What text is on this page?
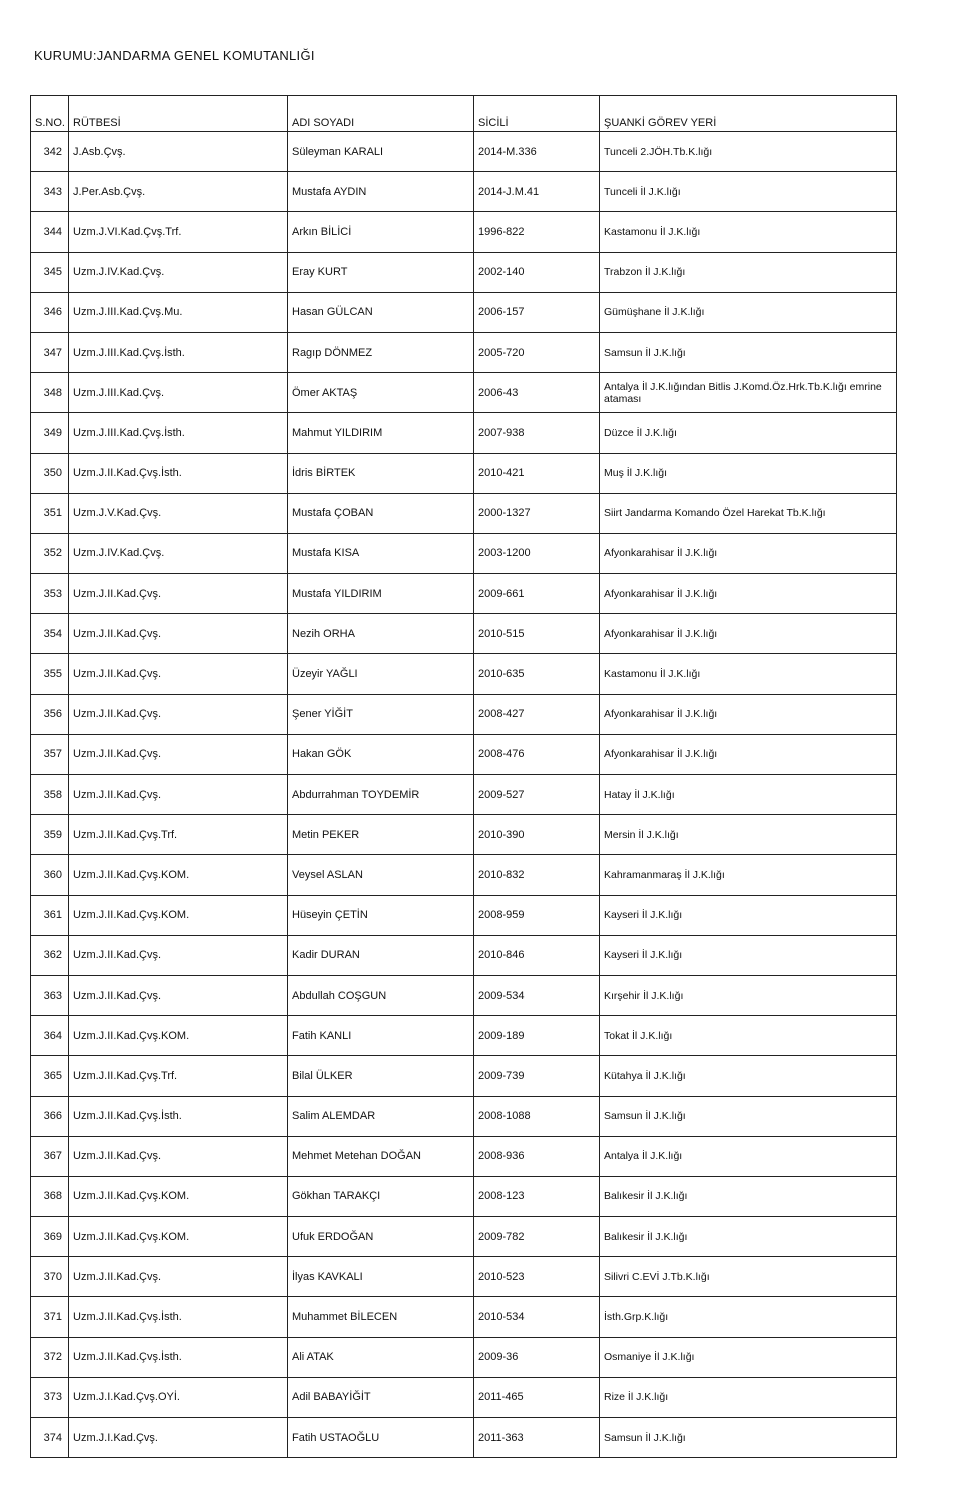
KURUMU:JANDARMA GENEL KOMUTANLIĞI
S.NO.	RÜTBESİ	ADI SOYADI	SİCİLİ	ŞUANKİ GÖREV YERİ
342	J.Asb.Çvş.	Süleyman KARALI	2014-M.336	Tunceli 2.JÖH.Tb.K.lığı
343	J.Per.Asb.Çvş.	Mustafa AYDIN	2014-J.M.41	Tunceli İl J.K.lığı
344	Uzm.J.VI.Kad.Çvş.Trf.	Arkın BİLİCİ	1996-822	Kastamonu İl J.K.lığı
345	Uzm.J.IV.Kad.Çvş.	Eray KURT	2002-140	Trabzon İl J.K.lığı
346	Uzm.J.III.Kad.Çvş.Mu.	Hasan GÜLCAN	2006-157	Gümüşhane İl J.K.lığı
347	Uzm.J.III.Kad.Çvş.İsth.	Ragıp DÖNMEZ	2005-720	Samsun İl J.K.lığı
348	Uzm.J.III.Kad.Çvş.	Ömer AKTAŞ	2006-43	Antalya İl J.K.lığından Bitlis J.Komd.Öz.Hrk.Tb.K.lığı emrine ataması
349	Uzm.J.III.Kad.Çvş.İsth.	Mahmut YILDIRIM	2007-938	Düzce İl J.K.lığı
350	Uzm.J.II.Kad.Çvş.İsth.	İdris BİRTEK	2010-421	Muş İl J.K.lığı
351	Uzm.J.V.Kad.Çvş.	Mustafa ÇOBAN	2000-1327	Siirt Jandarma Komando Özel Harekat Tb.K.lığı
352	Uzm.J.IV.Kad.Çvş.	Mustafa KISA	2003-1200	Afyonkarahisar İl J.K.lığı
353	Uzm.J.II.Kad.Çvş.	Mustafa YILDIRIM	2009-661	Afyonkarahisar İl J.K.lığı
354	Uzm.J.II.Kad.Çvş.	Nezih ORHA	2010-515	Afyonkarahisar İl J.K.lığı
355	Uzm.J.II.Kad.Çvş.	Üzeyir YAĞLI	2010-635	Kastamonu İl J.K.lığı
356	Uzm.J.II.Kad.Çvş.	Şener YİĞİT	2008-427	Afyonkarahisar İl J.K.lığı
357	Uzm.J.II.Kad.Çvş.	Hakan GÖK	2008-476	Afyonkarahisar İl J.K.lığı
358	Uzm.J.II.Kad.Çvş.	Abdurrahman TOYDEMİR	2009-527	Hatay İl J.K.lığı
359	Uzm.J.II.Kad.Çvş.Trf.	Metin PEKER	2010-390	Mersin İl J.K.lığı
360	Uzm.J.II.Kad.Çvş.KOM.	Veysel ASLAN	2010-832	Kahramanmaraş İl J.K.lığı
361	Uzm.J.II.Kad.Çvş.KOM.	Hüseyin ÇETİN	2008-959	Kayseri İl J.K.lığı
362	Uzm.J.II.Kad.Çvş.	Kadir DURAN	2010-846	Kayseri İl J.K.lığı
363	Uzm.J.II.Kad.Çvş.	Abdullah COŞGUN	2009-534	Kırşehir İl J.K.lığı
364	Uzm.J.II.Kad.Çvş.KOM.	Fatih KANLI	2009-189	Tokat İl J.K.lığı
365	Uzm.J.II.Kad.Çvş.Trf.	Bilal ÜLKER	2009-739	Kütahya İl J.K.lığı
366	Uzm.J.II.Kad.Çvş.İsth.	Salim ALEMDAR	2008-1088	Samsun İl J.K.lığı
367	Uzm.J.II.Kad.Çvş.	Mehmet Metehan DOĞAN	2008-936	Antalya İl J.K.lığı
368	Uzm.J.II.Kad.Çvş.KOM.	Gökhan TARAKÇI	2008-123	Balıkesir İl J.K.lığı
369	Uzm.J.II.Kad.Çvş.KOM.	Ufuk ERDOĞAN	2009-782	Balıkesir İl J.K.lığı
370	Uzm.J.II.Kad.Çvş.	İlyas KAVKALI	2010-523	Silivri C.EVİ J.Tb.K.lığı
371	Uzm.J.II.Kad.Çvş.İsth.	Muhammet BİLECEN	2010-534	İsth.Grp.K.lığı
372	Uzm.J.II.Kad.Çvş.İsth.	Ali ATAK	2009-36	Osmaniye İl J.K.lığı
373	Uzm.J.I.Kad.Çvş.OYİ.	Adil BABAYİĞİT	2011-465	Rize İl J.K.lığı
374	Uzm.J.I.Kad.Çvş.	Fatih USTAOĞLU	2011-363	Samsun İl J.K.lığı
